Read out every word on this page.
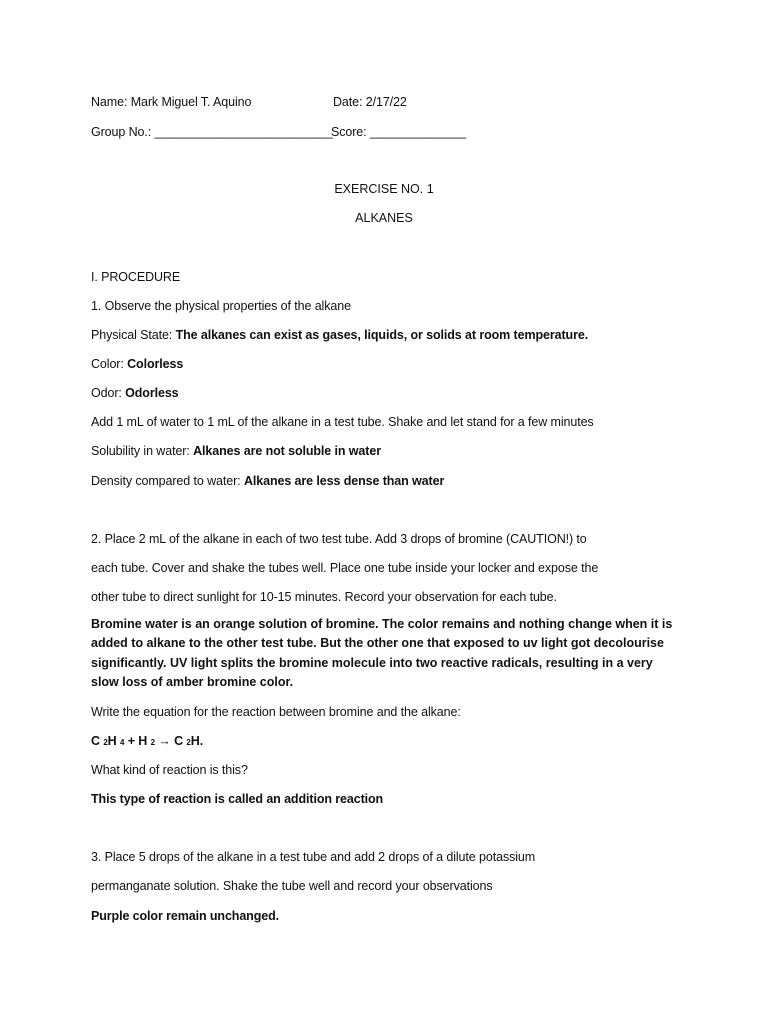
Name: Mark Miguel T. Aquino	Date: 2/17/22
Group No.: __________________________
Score: ______________
EXERCISE NO. 1
ALKANES
I. PROCEDURE
1. Observe the physical properties of the alkane
Physical State: The alkanes can exist as gases, liquids, or solids at room temperature.
Color: Colorless
Odor: Odorless
Add 1 mL of water to 1 mL of the alkane in a test tube. Shake and let stand for a few minutes
Solubility in water: Alkanes are not soluble in water
Density compared to water: Alkanes are less dense than water
2. Place 2 mL of the alkane in each of two test tube. Add 3 drops of bromine (CAUTION!) to
each tube. Cover and shake the tubes well. Place one tube inside your locker and expose the
other tube to direct sunlight for 10-15 minutes. Record your observation for each tube.
Bromine water is an orange solution of bromine. The color remains and nothing change when it is added to alkane to the other test tube. But the other one that exposed to uv light got decolourise significantly. UV light splits the bromine molecule into two reactive radicals, resulting in a very slow loss of amber bromine color.
Write the equation for the reaction between bromine and the alkane:
C 2H 4 + H 2 → C 2H.
What kind of reaction is this?
This type of reaction is called an addition reaction
3. Place 5 drops of the alkane in a test tube and add 2 drops of a dilute potassium
permanganate solution. Shake the tube well and record your observations
Purple color remain unchanged.
